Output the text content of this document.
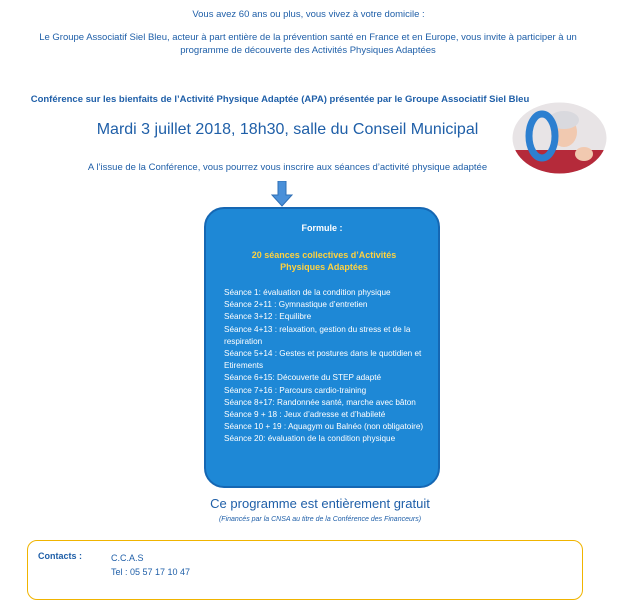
Vous avez 60 ans ou plus, vous vivez à votre domicile :
Le Groupe Associatif Siel Bleu, acteur à part entière de la prévention santé en France et en Europe, vous invite à participer à un programme de découverte des Activités Physiques Adaptées
Conférence sur les bienfaits de l’Activité Physique Adaptée (APA) présentée par le Groupe Associatif Siel Bleu
Mardi 3 juillet 2018, 18h30, salle du Conseil Municipal
A l’issue de la Conférence, vous pourrez vous inscrire aux séances d’activité physique adaptée
Formule :
20 séances collectives d’Activités Physiques Adaptées
Séance 1: évaluation de la condition physique
Séance 2+11 : Gymnastique d’entretien
Séance 3+12 : Equilibre
Séance 4+13 : relaxation, gestion du stress et de la respiration
Séance 5+14 : Gestes et postures dans le quotidien et Etirements
Séance 6+15: Découverte du STEP adapté
Séance 7+16 : Parcours cardio-training
Séance 8+17: Randonnée santé, marche avec bâton
Séance 9 + 18 : Jeux d’adresse et d’habileté
Séance 10 + 19 : Aquagym ou Balnéo (non obligatoire)
Séance 20: évaluation de la condition physique
Ce programme est entièrement gratuit
(Financés par la CNSA au titre de la Conférence des Financeurs)
Contacts :	C.C.A.S
Tel : 05 57 17 10 47
